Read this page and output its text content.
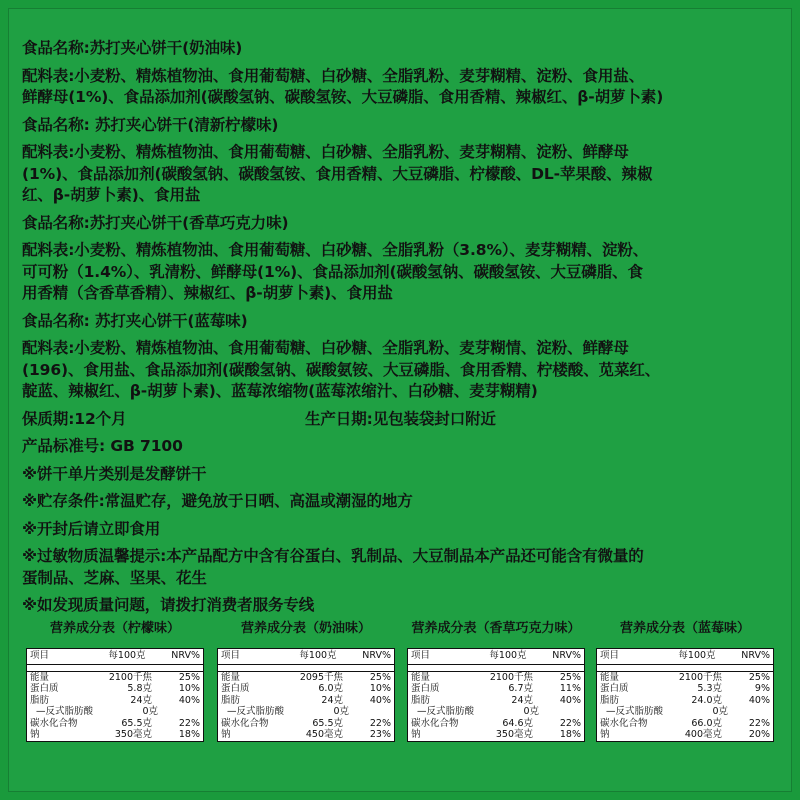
食品名称:苏打夹心饼干(奶油味)
配料表:小麦粉、精炼植物油、食用葡萄糖、白砂糖、全脂乳粉、麦芽糊精、淀粉、食用盐、
鲜酵母(1%)、食品添加剂(碳酸氢钠、碳酸氢铵、大豆磷脂、食用香精、辣椒红、β-胡萝卜素)
食品名称: 苏打夹心饼干(清新柠檬味)
配料表:小麦粉、精炼植物油、食用葡萄糖、白砂糖、全脂乳粉、麦芽糊精、淀粉、鲜酵母
(1%)、食品添加剂(碳酸氢钠、碳酸氢铵、食用香精、大豆磷脂、柠檬酸、DL-苹果酸、辣椒
红、β-胡萝卜素)、食用盐
食品名称:苏打夹心饼干(香草巧克力味)
配料表:小麦粉、精炼植物油、食用葡萄糖、白砂糖、全脂乳粉（3.8%）、麦芽糊精、淀粉、
可可粉（1.4%）、乳清粉、鲜酵母(1%)、食品添加剂(碳酸氢钠、碳酸氢铵、大豆磷脂、食
用香精（含香草香精）、辣椒红、β-胡萝卜素)、食用盐
食品名称: 苏打夹心饼干(蓝莓味)
配料表:小麦粉、精炼植物油、食用葡萄糖、白砂糖、全脂乳粉、麦芽糊情、淀粉、鲜酵母
(196)、食用盐、食品添加剂(碳酸氢钠、碳酸氨铵、大豆磷脂、食用香精、柠楼酸、苋菜红、
靛蓝、辣椒红、β-胡萝卜素)、蓝莓浓缩物(蓝莓浓缩汁、白砂糖、麦芽糊精)
保质期:12个月	生产日期:见包装袋封口附近
产品标准号: GB 7100
※饼干单片类别是发酵饼干
※贮存条件:常温贮存，避免放于日晒、高温或潮湿的地方
※开封后请立即食用
※过敏物质温馨提示:本产品配方中含有谷蛋白、乳制品、大豆制品本产品还可能含有微量的
蛋制品、芝麻、坚果、花生
※如发现质量问题，请拨打消费者服务专线
营养成分表（柠檬味）
项目	每100克	NRV%
能量	2100千焦	25%
蛋白质	5.8克	10%
脂肪	24克	40%
—反式脂肪酸	0克
碳水化合物	65.5克	22%
钠	350毫克	18%
营养成分表（奶油味）
项目	每100克	NRV%
能量	2095千焦	25%
蛋白质	6.0克	10%
脂肪	24克	40%
—反式脂肪酸	0克
碳水化合物	65.5克	22%
钠	450毫克	23%
营养成分表（香草巧克力味）
项目	每100克	NRV%
能量	2100千焦	25%
蛋白质	6.7克	11%
脂肪	24克	40%
—反式脂肪酸	0克
碳水化合物	64.6克	22%
钠	350毫克	18%
营养成分表（蓝莓味）
项目	每100克	NRV%
能量	2100千焦	25%
蛋白质	5.3克	9%
脂肪	24.0克	40%
—反式脂肪酸	0克
碳水化合物	66.0克	22%
钠	400毫克	20%
